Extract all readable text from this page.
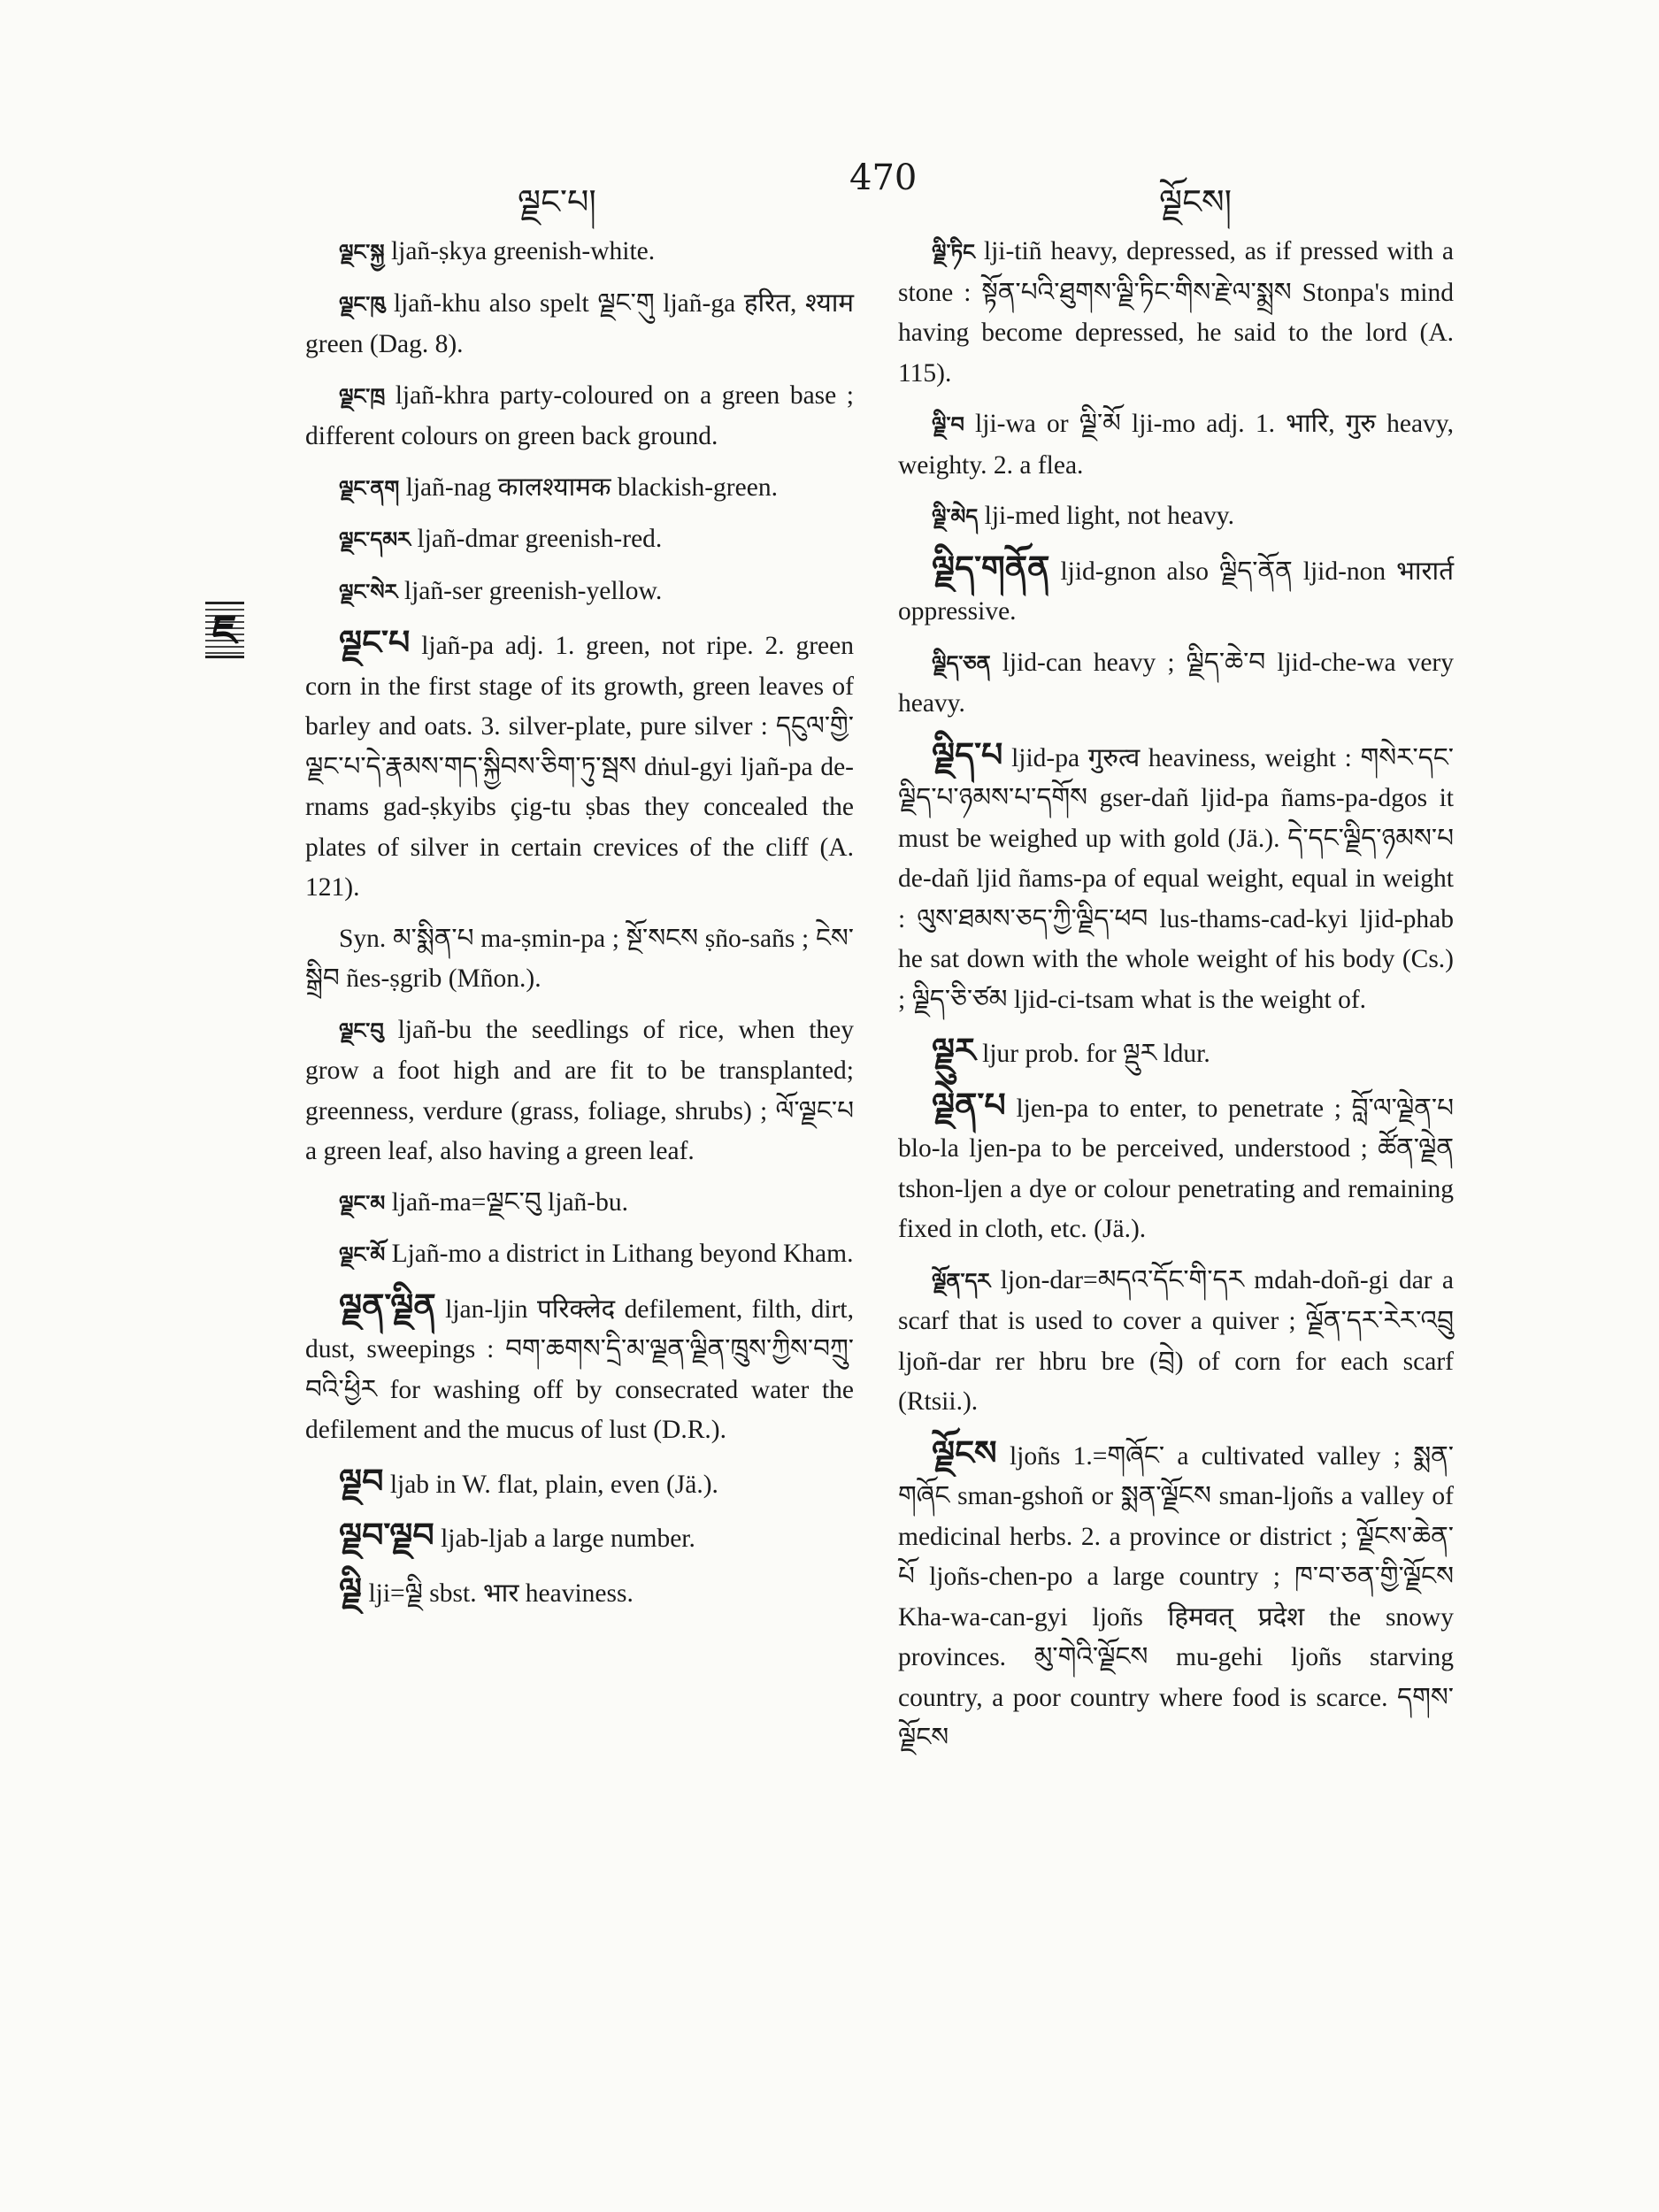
ལྗང་པ།
470
ལྗོངས།
ཇ

ལྗང་སྐྱ ljañ-ṣkya greenish-white.

ལྗང་ཁུ ljañ-khu also spelt ལྗང་གུ ljañ-ga हरित, श्याम green (Dag. 8).

ལྗང་ཁྲ ljañ-khra party-coloured on a green base ; different colours on green back ground.

ལྗང་ནག ljañ-nag कालश्यामक blackish-green.

ལྗང་དམར ljañ-dmar greenish-red.

ལྗང་སེར ljañ-ser greenish-yellow.

ལྗང་པ ljañ-pa adj. 1. green, not ripe. 2. green corn in the first stage of its growth, green leaves of barley and oats. 3. silver-plate, pure silver : དངུལ་གྱི་ལྗང་པ་དེ་རྣམས་གད་སྐྱིབས་ཅིག་ཏུ་སྦས dṅul-gyi ljañ-pa de-rnams gad-ṣkyibs çig-tu ṣbas they concealed the plates of silver in certain crevices of the cliff (A. 121).

Syn. མ་སྨིན་པ ma-ṣmin-pa ; སྔོ་སངས ṣño-sañs ; ངེས་སྒྲིབ ñes-ṣgrib (Mñon.).

ལྗང་བུ ljañ-bu the seedlings of rice, when they grow a foot high and are fit to be transplanted; greenness, verdure (grass, foliage, shrubs) ; ལོ་ལྗང་པ a green leaf, also having a green leaf.

ལྗང་མ ljañ-ma=ལྗང་བུ ljañ-bu.

ལྗང་མོ Ljañ-mo a district in Lithang beyond Kham.

ལྗན་ལྗིན ljan-ljin परिक्लेद defilement, filth, dirt, dust, sweepings : བག་ཆགས་དྲི་མ་ལྗན་ལྗིན་ཁྲུས་ཀྱིས་བཀྲུ་བའི་ཕྱིར for washing off by consecrated water the defilement and the mucus of lust (D.R.).

ལྗབ ljab in W. flat, plain, even (Jä.).

ལྗབ་ལྗབ ljab-ljab a large number.

ལྗི lji=ལྗི sbst. भार heaviness.

ལྗི་ཏིང lji-tiñ heavy, depressed, as if pressed with a stone : སྟོན་པའི་ཐུགས་ལྗི་ཏིང་གིས་རྗེ་ལ་སྨྲས Stonpa's mind having become depressed, he said to the lord (A. 115).

ལྗི་བ lji-wa or ལྗི་མོ lji-mo adj. 1. भारि, गुरु heavy, weighty. 2. a flea.

ལྗི་མེད lji-med light, not heavy.

ལྗིད་གནོན ljid-gnon also ལྗིད་ནོན ljid-non भारार्त oppressive.

ལྗིད་ཅན ljid-can heavy ; ལྗིད་ཆེ་བ ljid-che-wa very heavy.

ལྗིད་པ ljid-pa गुरुत्व heaviness, weight : གསེར་དང་ལྗིད་པ་ཉམས་པ་དགོས gser-dañ ljid-pa ñams-pa-dgos it must be weighed up with gold (Jä.). དེ་དང་ལྗིད་ཉམས་པ de-dañ ljid ñams-pa of equal weight, equal in weight : ལུས་ཐམས་ཅད་ཀྱི་ལྗིད་ཕབ lus-thams-cad-kyi ljid-phab he sat down with the whole weight of his body (Cs.) ; ལྗིད་ཅི་ཙམ ljid-ci-tsam what is the weight of.

ལྗུར ljur prob. for ལྡུར ldur.

ལྗེན་པ ljen-pa to enter, to penetrate ; བློ་ལ་ལྗེན་པ blo-la ljen-pa to be perceived, understood ; ཚོན་ལྗེན tshon-ljen a dye or colour penetrating and remaining fixed in cloth, etc. (Jä.).

ལྗོན་དར ljon-dar=མདའ་དོང་གི་དར mdah-doñ-gi dar a scarf that is used to cover a quiver ; ལྗོན་དར་རེར་འབྲུ ljoñ-dar rer hbru bre (བྲེ) of corn for each scarf (Rtsii.).

ལྗོངས ljoñs 1.=གཞོང་ a cultivated valley ; སྨན་གཞོང sman-gshoñ or སྨན་ལྗོངས sman-ljoñs a valley of medicinal herbs. 2. a province or district ; ལྗོངས་ཆེན་པོ ljoñs-chen-po a large country ; ཁ་བ་ཅན་གྱི་ལྗོངས Kha-wa-can-gyi ljoñs हिमवत् प्रदेश the snowy provinces. མུ་གེའི་ལྗོངས mu-gehi ljoñs starving country, a poor country where food is scarce. དགས་ལྗོངས
